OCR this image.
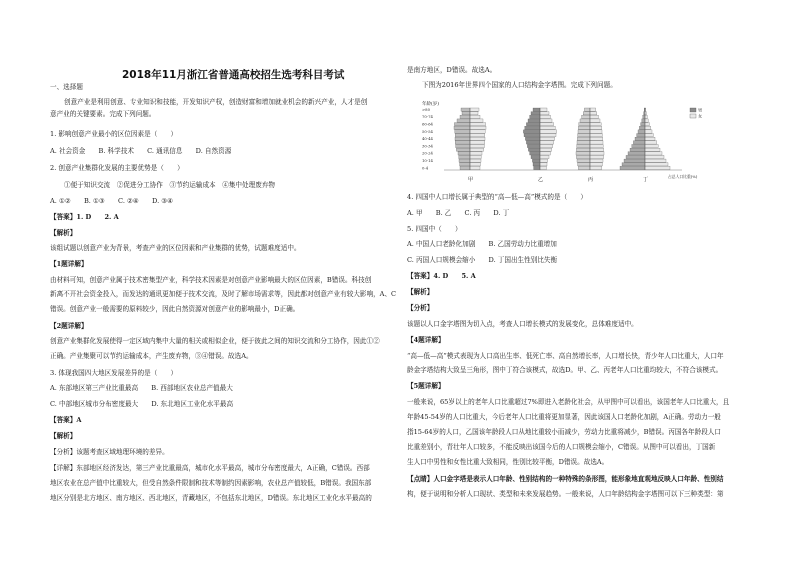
2018年11月浙江省普通高校招生选考科目考试
一、选择题
创意产业是利用创意、专业知识和技能，开发知识产权，创造财富和增加就业机会的新兴产业，人才是创
意产业的关键要素。完成下列问题。
1. 影响创意产业最小的区位因素是（　　）
A. 社会资金　　B. 科学技术　　C. 通讯信息　　D. 自然资源
2. 创意产业集群化发展的主要优势是（　　）
①便于知识交流　②促进分工协作　③节约运输成本　④集中处理废弃物
A. ①②　　B. ①③　　C. ②④　　D. ③④
【答案】1. D　　2. A
【解析】
该组试题以创意产业为背景，考查产业的区位因素和产业集群的优势，试题难度适中。
【1题详解】
由材料可知，创意产业属于技术密集型产业，科学技术因素是对创意产业影响最大的区位因素，B错误。科技创
新离不开社会资金投入，而发达的通讯更加便于技术交流，及时了解市场需求等，因此都对创意产业有较大影响，A、C
错误。创意产业一般需要的原料较少，因此自然资源对创意产业的影响最小，D正确。
【2题详解】
创意产业集群化发展使得一定区域内集中大量的相关或相似企业，便于彼此之间的知识交流和分工协作，因此①②
正确。产业集聚可以节约运输成本，产生废弃物，③④错误。故选A。
3. 体现我国四大地区发展差异的是（　　）
A. 东部地区第三产业比重最高　　B. 西部地区农业总产值最大
C. 中部地区城市分布密度最大　　D. 东北地区工业化水平最高
【答案】A
【解析】
【分析】该题考查区域地理环境的差异。
【详解】东部地区经济发达，第三产业比重最高，城市化水平最高，城市分布密度最大，A正确，C错误。西部
地区农业在总产值中比重较大，但受自然条件限制和技术等制约因素影响，农业总产值较低，B错误。我国东部
地区分别是北方地区、南方地区、西北地区，青藏地区，不包括东北地区，D错误。东北地区工业化水平最高的
是南方地区，D错误。故选A。
下图为2016年世界四个国家的人口结构金字塔图。完成下列问题。
4. 四国中人口增长属于典型的“高—低—高”模式的是（　　）
A. 甲　　B. 乙　　C. 丙　　D. 丁
5. 四国中（　　）
A. 中国人口老龄化加剧　　B. 乙国劳动力比重增加
C. 丙国人口规模会缩小　　D. 丁国出生性别比失衡
【答案】4. D　　5. A
【解析】
【分析】
该题以人口金字塔图为切入点，考查人口增长模式的发展变化，总体难度适中。
【4题详解】
“高—低—高”模式表现为人口高出生率、低死亡率、高自然增长率，人口增长快，青少年人口比重大，人口年
龄金字塔结构大致呈三角形，图中丁符合该模式，故选D。甲、乙、丙老年人口比重均较大，不符合该模式。
【5题详解】
一般来说，65岁以上的老年人口比重超过7%即进入老龄化社会，从甲图中可以看出，该国老年人口比重大，且
年龄45-54岁的人口比重大，今后老年人口比重将更加显著，因此该国人口老龄化加剧，A正确。劳动力一般
指15-64岁的人口，乙国该年龄段人口从地比重较小而减少，劳动力比重将减少，B错误。丙国各年龄段人口
比重差别小，青壮年人口较多，不能反映出该国今后的人口规模会缩小，C错误。从图中可以看出，丁国新
生人口中男性和女性比重大致相同，性别比较平衡，D错误。故选A。
【点睛】人口金字塔是表示人口年龄、性别结构的一种特殊的条形图，能形象地直观地反映人口年龄、性别结
构，便于说明和分析人口现状、类型和未来发展趋势。一般来说，人口年龄结构金字塔图可以下三种类型：第
年龄(岁)
>80
70-74
60-64
50-54
40-44
30-34
20-24
10-14
0-4
甲	乙	丙	丁
男
女
占总人口比重(%)
